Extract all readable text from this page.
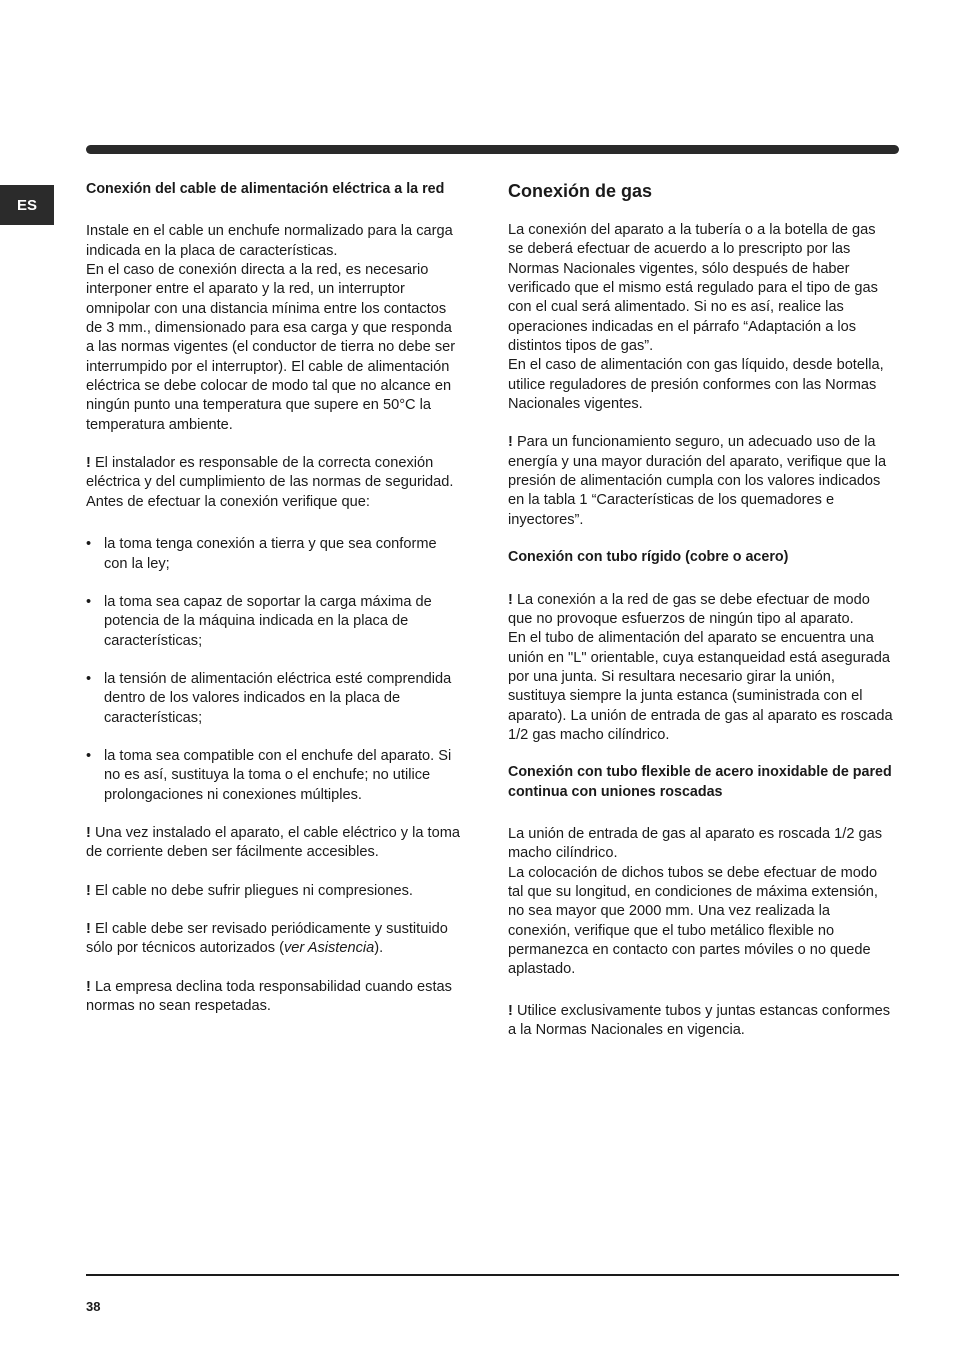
ES

Conexión del cable de alimentación eléctrica a la red

Instale en el cable un enchufe normalizado para la carga indicada en la placa de características.

En el caso de conexión directa a la red, es necesario interponer entre el aparato y la red, un interruptor omnipolar con una distancia mínima entre los contactos de 3 mm., dimensionado para esa carga y que responda a las normas vigentes (el conductor de tierra no debe ser interrumpido por el interruptor). El cable de alimentación eléctrica se debe colocar de modo tal que no alcance en ningún punto una temperatura que supere en 50°C la temperatura ambiente.

! El instalador es responsable de la correcta conexión eléctrica y del cumplimiento de las normas de seguridad.

Antes de efectuar la conexión verifique que:

• la toma tenga conexión a tierra y que sea conforme con la ley;

• la toma sea capaz de soportar la carga máxima de potencia de la máquina indicada en la placa de características;

• la tensión de alimentación eléctrica esté comprendida dentro de los valores indicados en la placa de características;

• la toma sea compatible con el enchufe del aparato. Si no es así, sustituya la toma o el enchufe; no utilice prolongaciones ni conexiones múltiples.

! Una vez instalado el aparato, el cable eléctrico y la toma de corriente deben ser fácilmente accesibles.

! El cable no debe sufrir pliegues ni compresiones.

! El cable debe ser revisado periódicamente y sustituido sólo por técnicos autorizados (ver Asistencia).

! La empresa declina toda responsabilidad cuando estas normas no sean respetadas.

Conexión de gas

La conexión del aparato a la tubería o a la botella de gas se deberá efectuar de acuerdo a lo prescripto por las Normas Nacionales vigentes, sólo después de haber verificado que el mismo está regulado para el tipo de gas con el cual será alimentado. Si no es así, realice las operaciones indicadas en el párrafo “Adaptación a los distintos tipos de gas”.

En el caso de alimentación con gas líquido, desde botella, utilice reguladores de presión conformes con las Normas Nacionales vigentes.

! Para un funcionamiento seguro, un adecuado uso de la energía y una mayor duración del aparato, verifique que la presión de alimentación cumpla con los valores indicados en la tabla 1 “Características de los quemadores e inyectores”.

Conexión con tubo rígido (cobre o acero)

! La conexión a la red de gas se debe efectuar de modo que no provoque esfuerzos de ningún tipo al aparato.

En el tubo de alimentación del aparato se encuentra una unión en "L" orientable, cuya estanqueidad está asegurada por una junta. Si resultara necesario girar la unión, sustituya siempre la junta estanca (suministrada con el aparato). La unión de entrada de gas al aparato es roscada 1/2 gas macho cilíndrico.

Conexión con tubo flexible de acero inoxidable de pared continua con uniones roscadas

La unión de entrada de gas al aparato es roscada 1/2 gas macho cilíndrico.

La colocación de dichos tubos se debe efectuar de modo tal que su longitud, en condiciones de máxima extensión, no sea mayor que 2000 mm. Una vez realizada la conexión, verifique que el tubo metálico flexible no permanezca en contacto con partes móviles o no quede aplastado.

! Utilice exclusivamente tubos y juntas estancas conformes a la Normas Nacionales en vigencia.

38
